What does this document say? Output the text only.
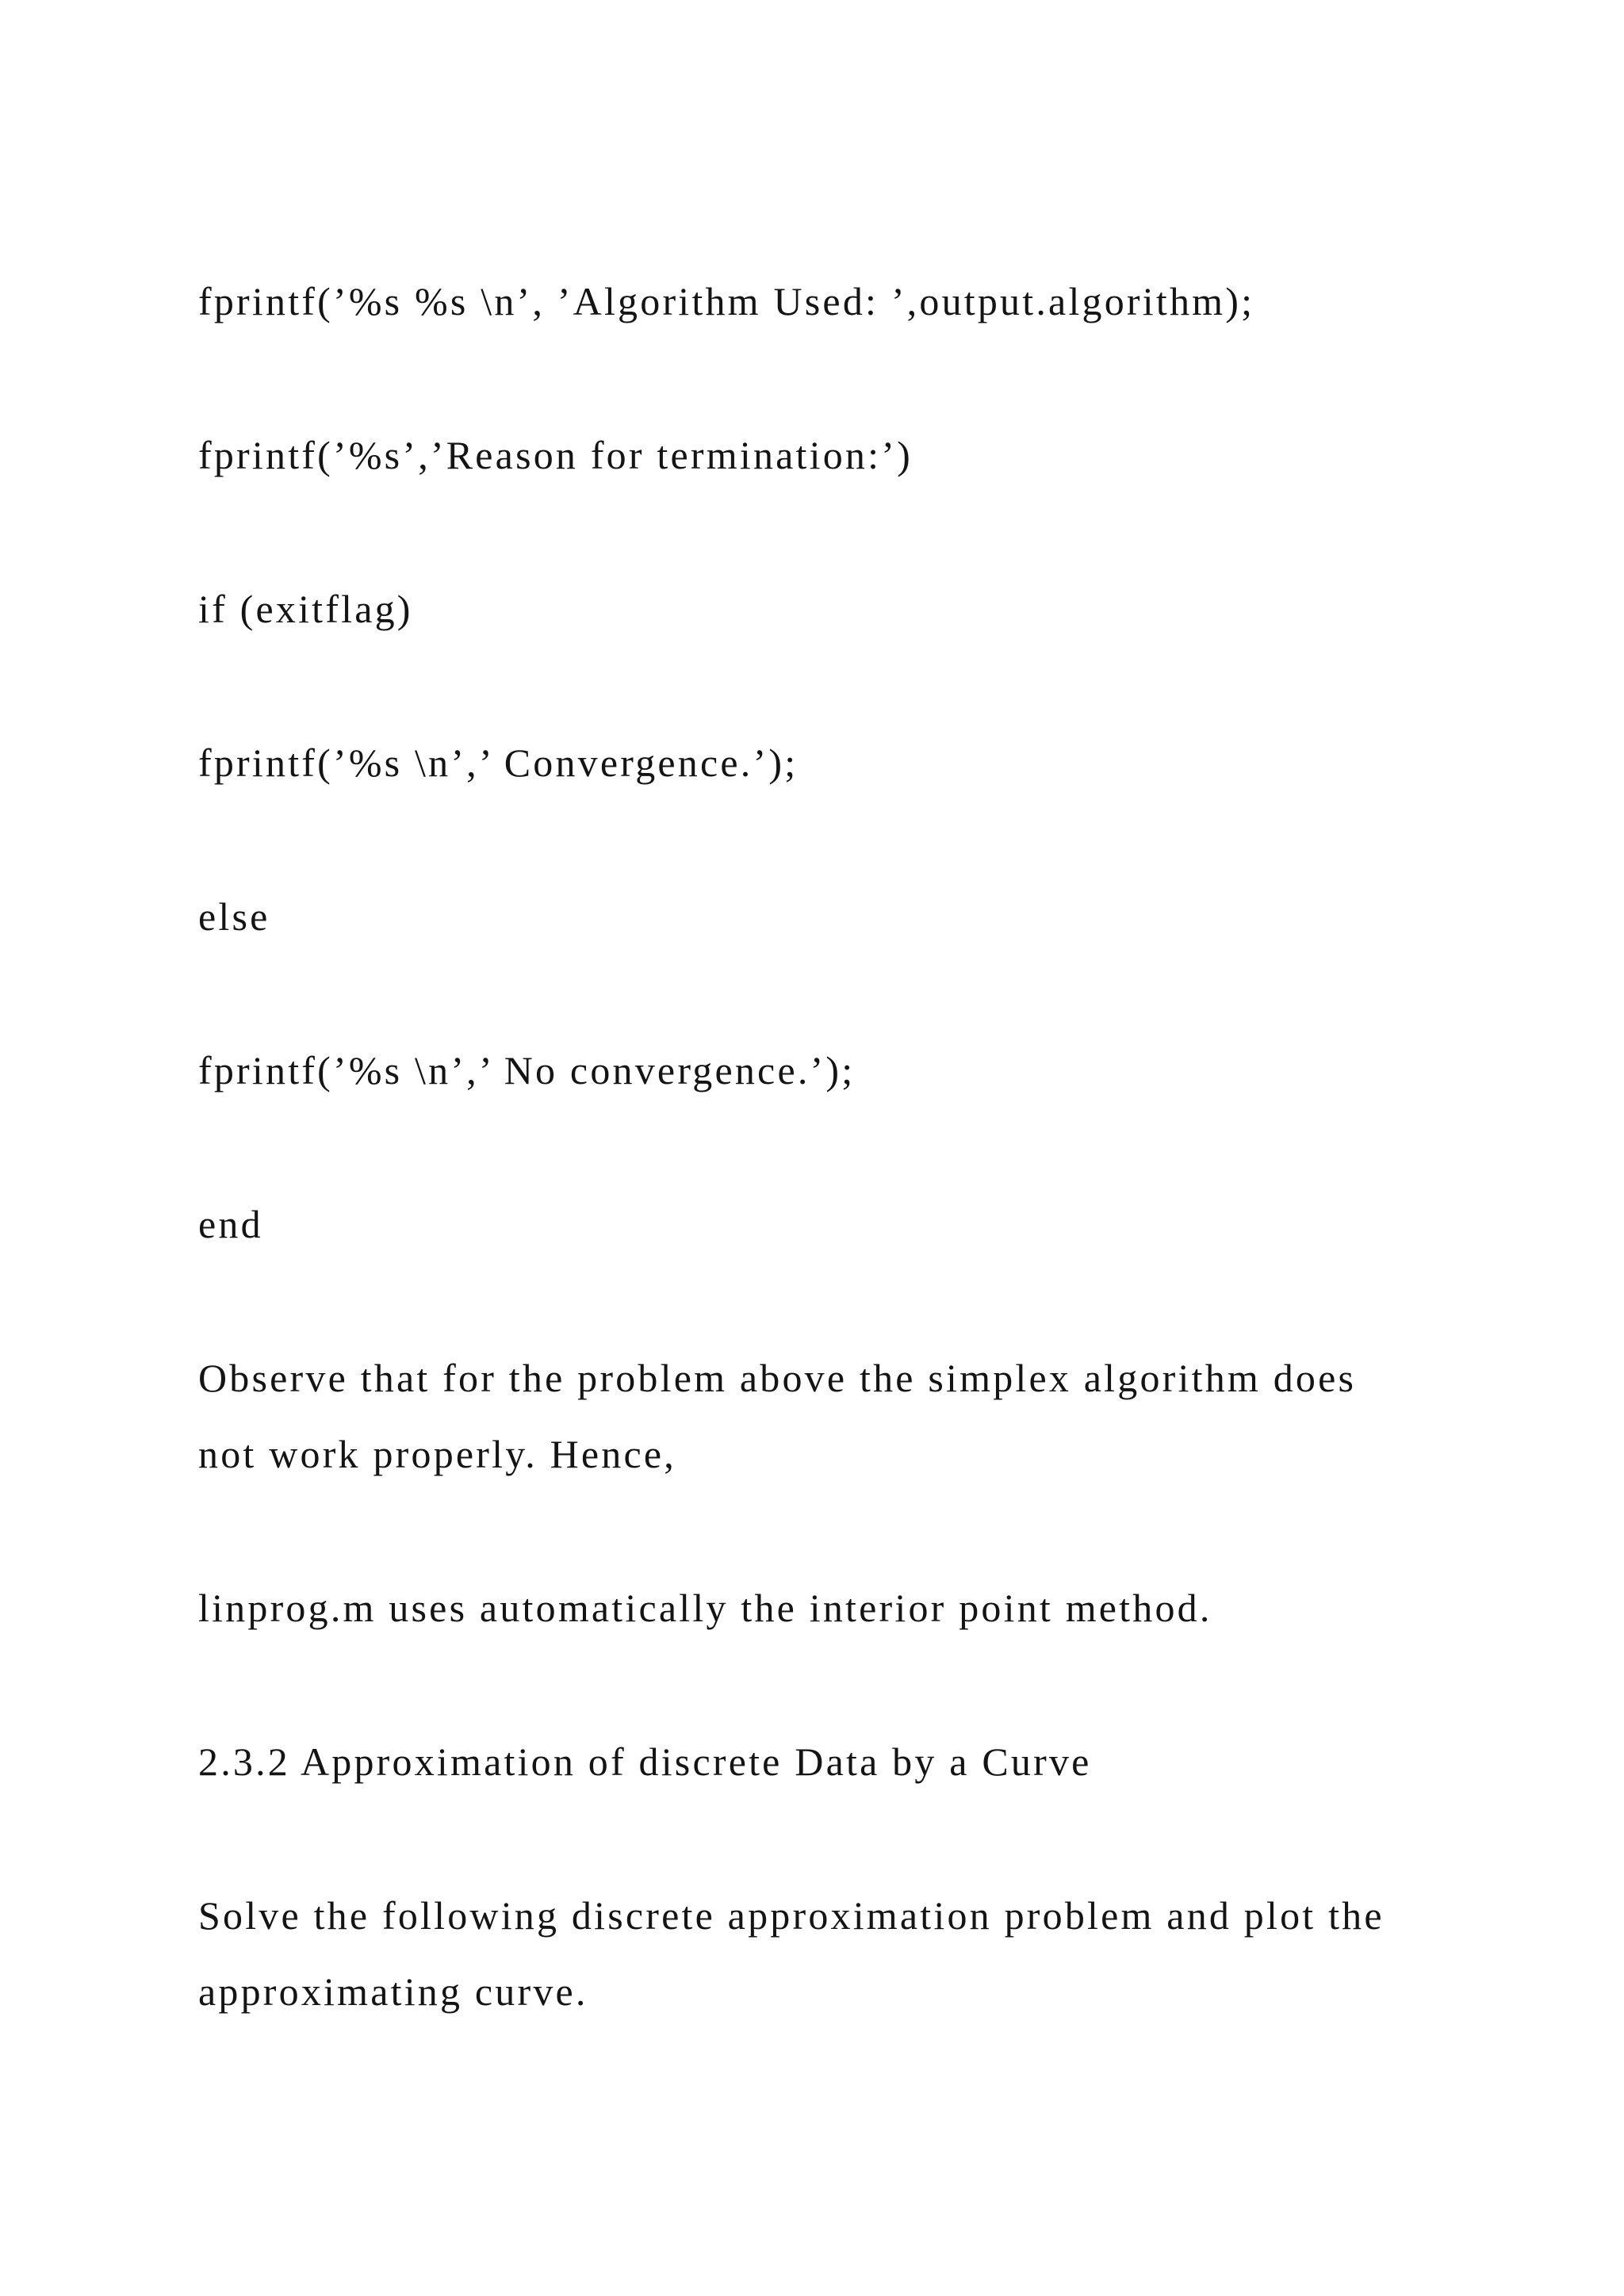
fprintf(’%s %s \n’, ’Algorithm Used: ’,output.algorithm);
fprintf(’%s’,’Reason for termination:’)
if (exitflag)
fprintf(’%s \n’,’ Convergence.’);
else
fprintf(’%s \n’,’ No convergence.’);
end
Observe that for the problem above the simplex algorithm does
not work properly. Hence,
linprog.m uses automatically the interior point method.
2.3.2 Approximation of discrete Data by a Curve
Solve the following discrete approximation problem and plot the
approximating curve.
